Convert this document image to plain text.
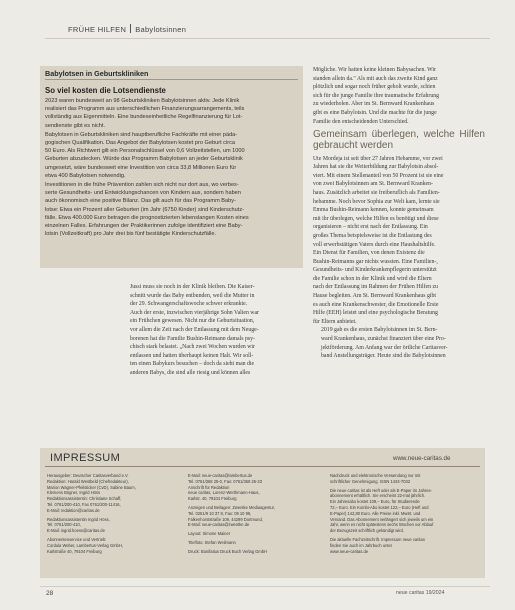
FRÜHE HILFEN Babylotsinnen
Babylotsen in Geburtskliniken
So viel kosten die Lotsendienste

2023 waren bundesweit an 98 Geburtskliniken Babylotsinnen aktiv. Jede Klinik
realisiert das Programm aus unterschiedlichen Finanzierungsarrangements, teils
vollständig aus Eigenmitteln. Eine bundeseinheitliche Regelfinanzierung für Lot-
sendienste gibt es nicht.

Babylotsen in Geburtskliniken sind hauptberufliche Fachkräfte mit einer päda-
gogischen Qualifikation. Das Angebot der Babylotsen kostet pro Geburt circa
50 Euro. Als Richtwert gilt ein Personalschlüssel von 0,6 Vollzeitstellen, um 1000
Geburten abzudecken. Würde das Programm Babylotsen an jeder Geburtsklinik
umgesetzt, wäre bundesweit eine Investition von circa 33,8 Millionen Euro für
etwa 400 Babylotsen notwendig.

Investitionen in die frühe Prävention zahlen sich nicht nur dort aus, wo verbes-
serte Gesundheits- und Entwicklungschancen von Kindern aus, sondern haben
auch ökonomisch eine positive Bilanz. Das gilt auch für das Programm Baby-
lotse: Etwa ein Prozent aller Geburten (im Jahr (6750 Kinder) sind Kinderschutz-
fälle. Etwa 400.000 Euro betragen die prognostizierten lebenslangen Kosten eines
einzelnen Falles. Erfahrungen der Praktikerinnen zufolge identifiziert eine Baby-
lotsin (Vollzeitkraft) pro Jahr drei bis fünf bestätigte Kinderschutzfälle.

Jussi muss sie noch in der Klinik bleiben. Die Kaiser-
schnitt wurde das Baby entbunden, weil die Mutter in
der 29. Schwangerschaftswoche schwer erkrankte.
Auch der erste, inzwischen vierjährige Sohn Valien war
ein Frühchen gewesen. Nicht nur die Geburtsituation,
vor allem die Zeit nach der Entlassung mit dem Neuge-
borenen hat die Familie Bushin-Reimann damals psy-
chisch stark belastet. „Nach zwei Wochen wurden wir
entlassen und hatten überhaupt keinen Halt. Wir soll-
ten einen Babykurs besuchen – doch da sieht man die
anderen Babys, die sind alle riesig und können alles

Mögliche. Wir hatten keine kleinen Babysachen. Wir
standen allein da." Als mit auch das zweite Kind ganz
plötzlich und sogar noch früher geholt wurde, schien
sich für die junge Familie ihre traumatische Erfahrung
zu wiederholen. Aber im St. Bernward Krankenhaus
gibt es eine Babylotsin. Und die machte für die junge
Familie den entscheidenden Unterschied.

Gemeinsam überlegen, welche Hilfen gebraucht werden

Ute Mordeja ist seit über 27 Jahren Hebamme, vor zwei
Jahren hat sie die Weiterbildung zur Babylotsin absol-
viert. Mit einem Stellenanteil von 50 Prozent ist sie eine
von zwei Babylotsinnen am St. Bernward Kranken-
haus. Zusätzlich arbeitet sie freiberuflich als Familien-
hebamme. Noch bevor Sophia zur Welt kam, lernte sie
Emma Bushin-Reimann kennen, konnte gemeinsam
mit ihr überlegen, welche Hilfen es benötigt und diese
organisieren – nicht erst nach der Entlassung. Ein
großes Thema beispielsweise ist die Entlastung des
voll erwerbstätigen Vaters durch eine Haushaltshilfe.
Ein Dienst für Familien, von denen Existenz die
Bushin-Reimanns gar nichts wussten. Eine Familien-,
Gesundheits- und Kinderkrankenpflegerin unterstützt
die Familie schon in der Klinik und wird die Eltern
nach der Entlassung im Rahmen der Frühen Hilfen zu
Hause begleiten. Am St. Bernward Krankenhaus gibt
es auch eine Krankenschwester, die Emotionelle Erste
Hilfe (EEH) leistet und eine psychologische Beratung
für Eltern anbietet.

2019 gab es die ersten Babylotsinnen im St. Bern-
ward Krankenhaus, zunächst finanziert über eine Pro-
jektförderung. Am Anfang war der örtliche Caritasver-
band Anstellungsträger. Heute sind die Babylotsinnen

IMPRESSUM	www.neue-caritas.de
Herausgeber: Deutscher Caritasverband e.V.
Redaktion: Harald Westbeld (Chefredakteur),
Marion Wagner-Pfeilsticker (CvD), Sabine Baum,
Klemens Bögner, Ingrid Höss
Redaktionsassistentin: Christiane Schaff,
Tel. 0761/200-410, Fax 0761/200-11416,
E-Mail: redaktion@caritas.de
Redaktionsassistentin Ingrid Höss,
Tel. 0761/200-410,
E-Mail: ingrid.hoess@caritas.de
Abonnentenservice und Vertrieb:
Cordula Weber, Lambertus-Verlag GmbH,
Karlstraße 40, 79104 Freiburg
E-Mail: neue-caritas@lambertus.de
Tel. 0761/368 25-0, Fax: 0761/368 25-33
Anschrift für Redaktion
neue caritas, Lorenz-Werthmann-Haus,
Karlstr. 40, 79104 Freiburg
Anzeigen und Beilagen: Zwentke Mediaagentur,
Tel. 0251/9 10 37 8, Fax: 09 10 99,
Falkenhorststraße 109, 44299 Dortmund,
E-Mail: neue-caritas@zwentke.de
Layout: Simone Mainer
Titelfoto: Stefan Weilmann
Druck: Bonifatius Druck Buch Verlag GmbH
Nachdruck und elektronische Verwendung nur mit
schriftlicher Genehmigung. ISSN 1434-7032
Die neue caritas ist als Heft oder als E-Paper im Jahres-
abonnement erhältlich. Sie erscheint 22-mal jährlich.
Ein Jahresabo kostet 109,– Euro, für Studierende
72,– Euro. Ein Kombi-Abo kostet 122,– Euro (Heft und
E-Paper) 142,80 Euro. Alle Preise inkl. MwSt. und
Versand. Das Abonnement verlängert sich jeweils um ein
Jahr, wenn es nicht spätestens sechs Wochen vor Ablauf
der Bezugszeit schriftlich gekündigt wird.
Die aktuelle Fachzeitschrift. Impressum neue caritas
finden Sie auch im Jahrbuch unter
www.neue-caritas.de
28	neue caritas 19/2024
